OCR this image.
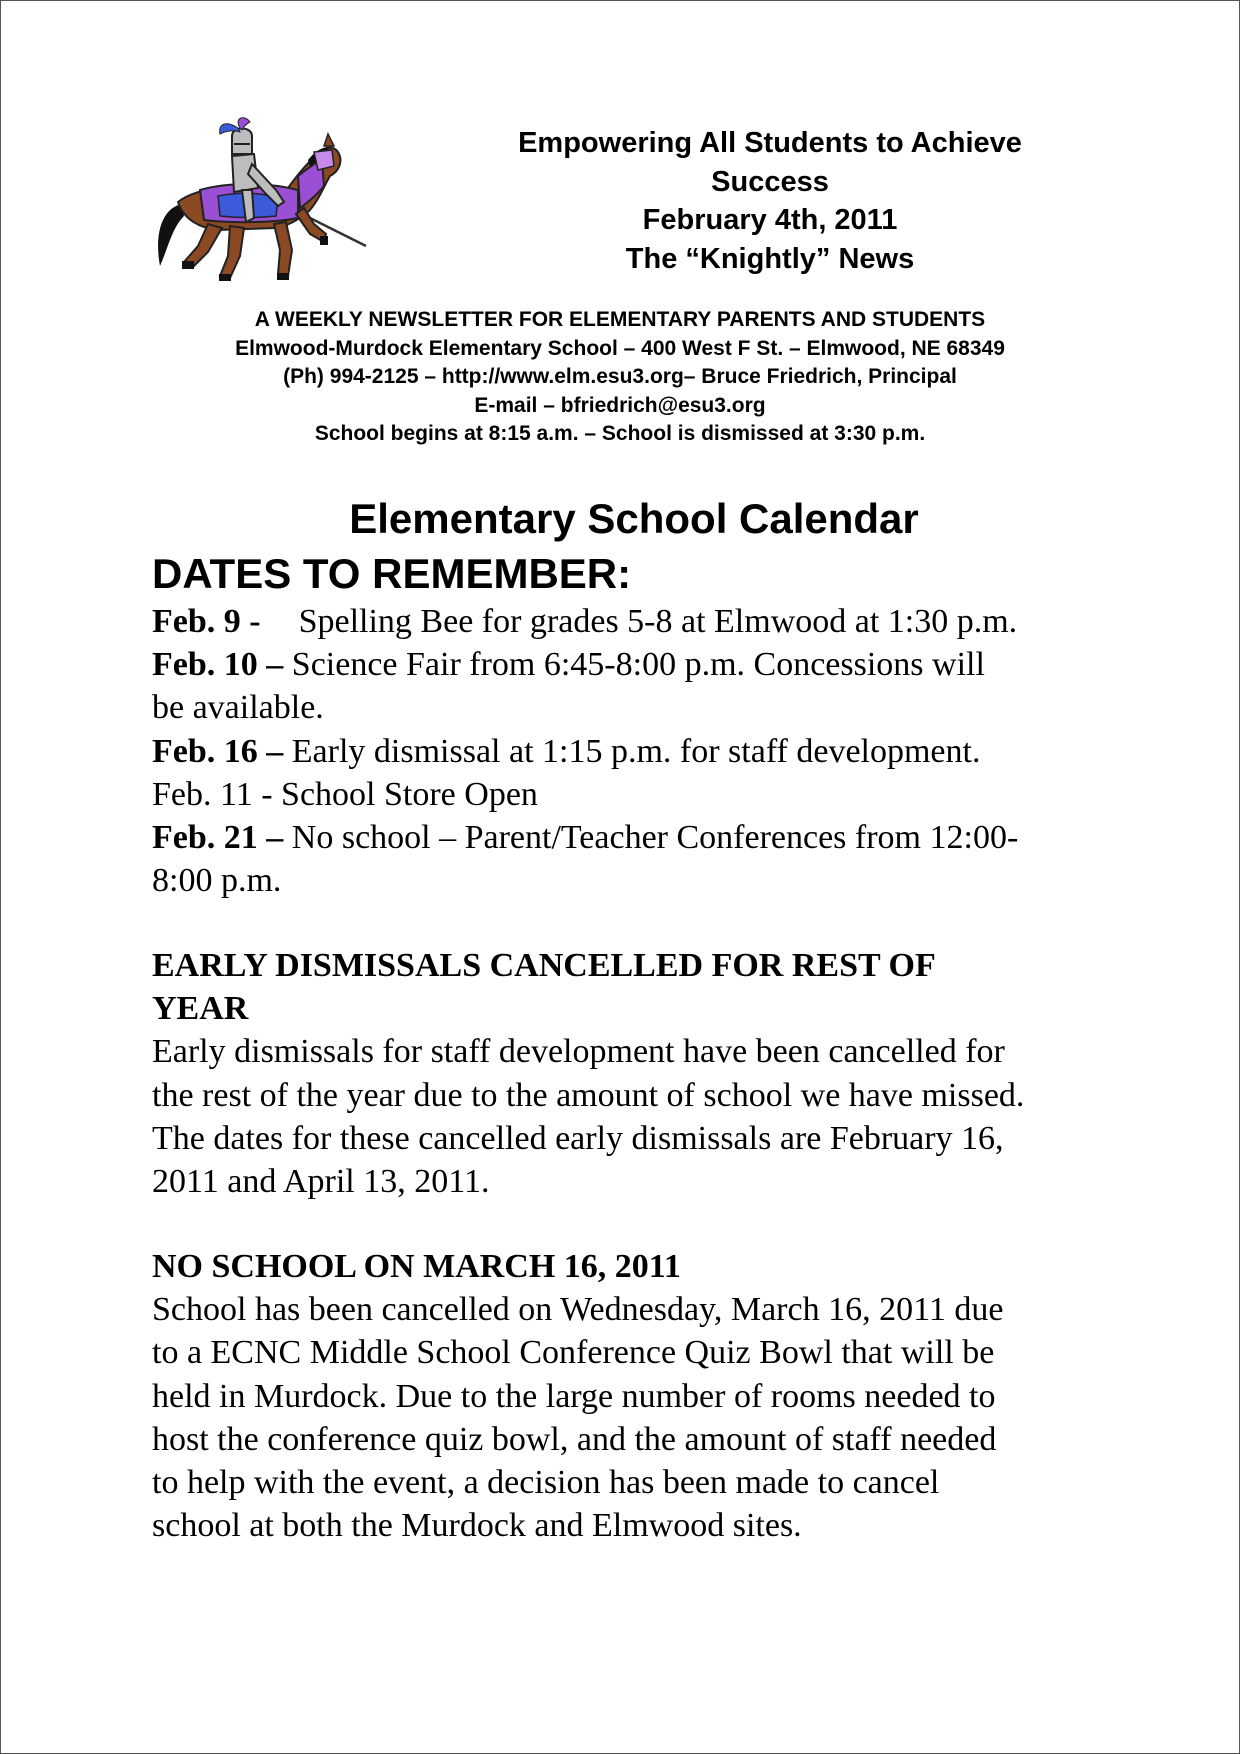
Empowering All Students to Achieve
Success
February 4th, 2011
The “Knightly” News
A WEEKLY NEWSLETTER FOR ELEMENTARY PARENTS AND STUDENTS
Elmwood-Murdock Elementary School – 400 West F St. – Elmwood, NE 68349
(Ph) 994-2125 – http://www.elm.esu3.org– Bruce Friedrich, Principal
E-mail – bfriedrich@esu3.org
School begins at 8:15 a.m. – School is dismissed at 3:30 p.m.
Elementary School Calendar
DATES TO REMEMBER:
Feb. 9 - Spelling Bee for grades 5-8 at Elmwood at 1:30 p.m.
Feb. 10 – Science Fair from 6:45-8:00 p.m. Concessions will
be available.
Feb. 16 – Early dismissal at 1:15 p.m. for staff development.
Feb. 11 - School Store Open
Feb. 21 – No school – Parent/Teacher Conferences from 12:00-
8:00 p.m.
EARLY DISMISSALS CANCELLED FOR REST OF
YEAR
Early dismissals for staff development have been cancelled for
the rest of the year due to the amount of school we have missed.
The dates for these cancelled early dismissals are February 16,
2011 and April 13, 2011.
NO SCHOOL ON MARCH 16, 2011
School has been cancelled on Wednesday, March 16, 2011 due
to a ECNC Middle School Conference Quiz Bowl that will be
held in Murdock. Due to the large number of rooms needed to
host the conference quiz bowl, and the amount of staff needed
to help with the event, a decision has been made to cancel
school at both the Murdock and Elmwood sites.
